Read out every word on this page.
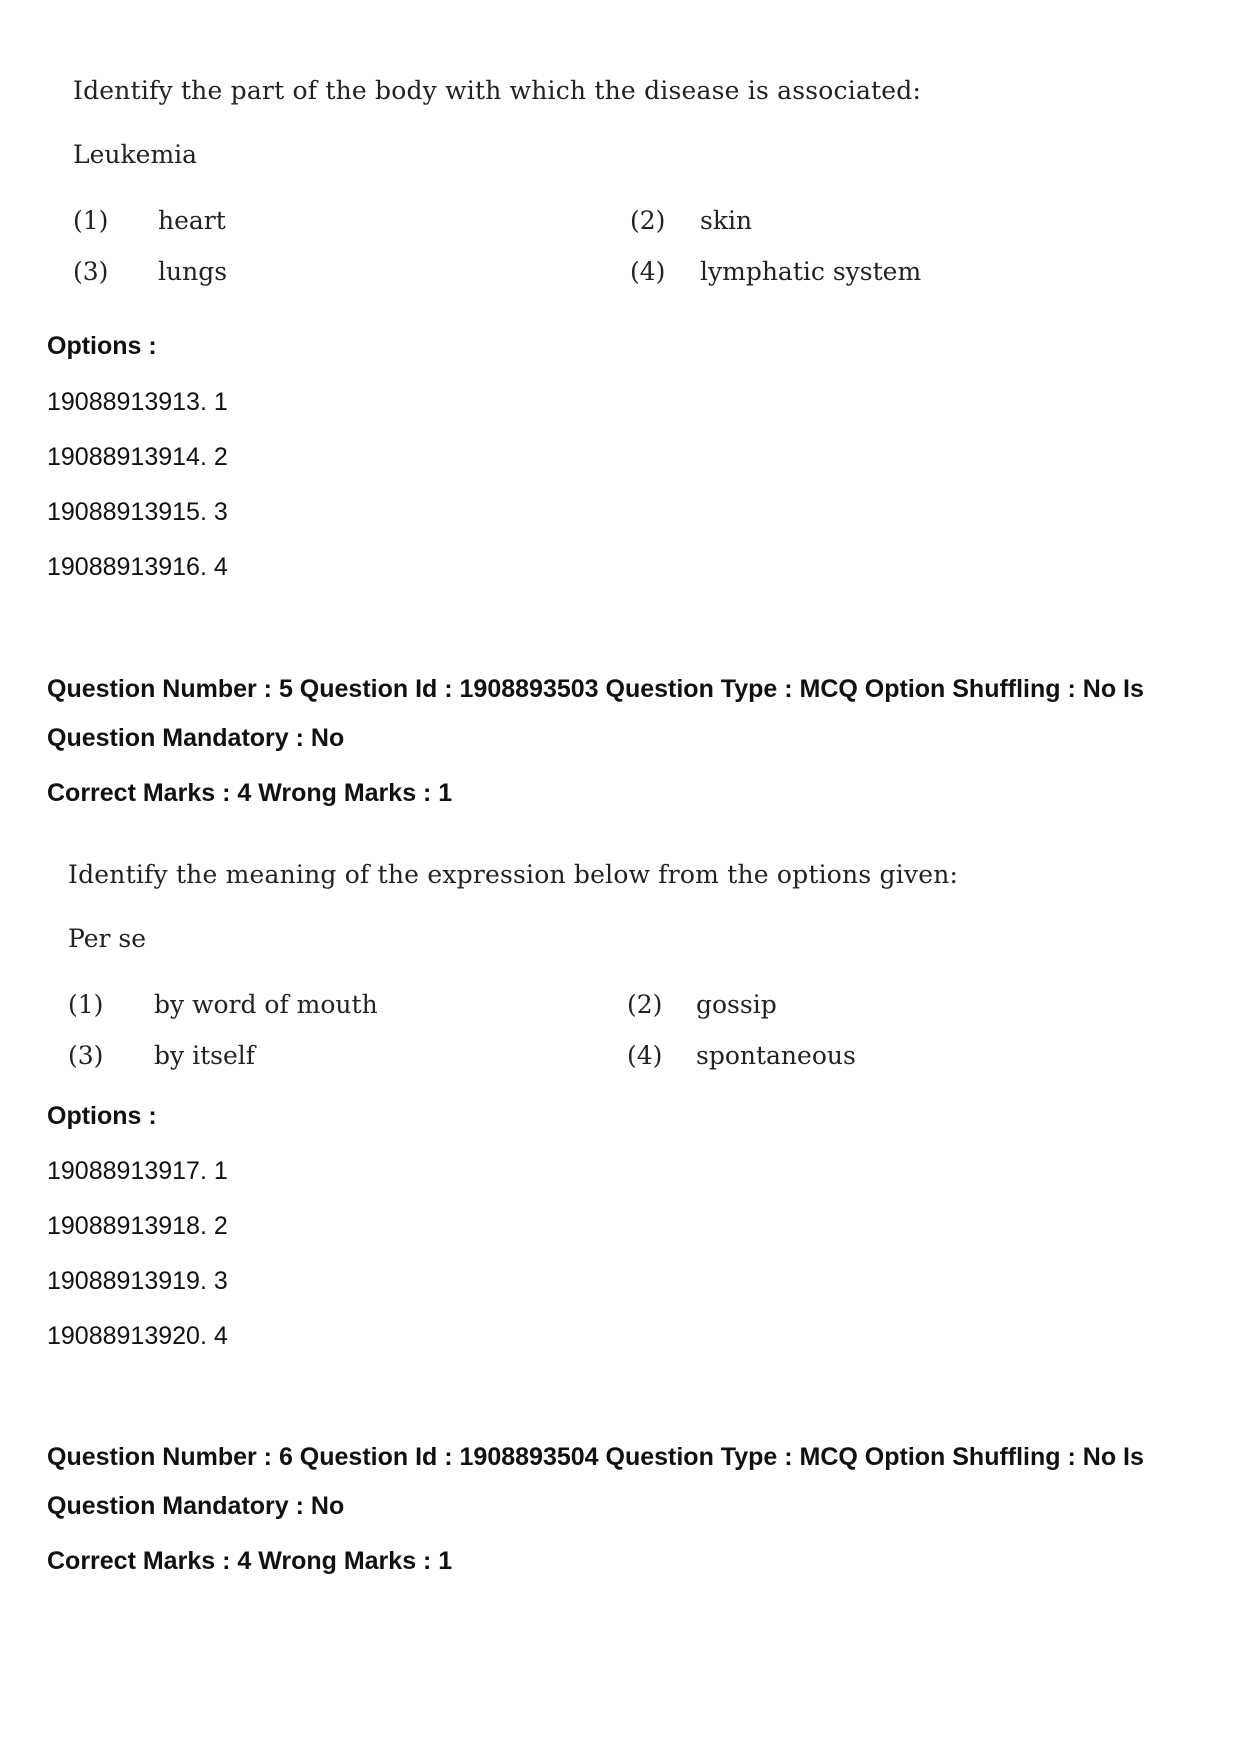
Identify the part of the body with which the disease is associated:
Leukemia
(1) heart	(2) skin
(3) lungs	(4) lymphatic system
Options :
19088913913. 1
19088913914. 2
19088913915. 3
19088913916. 4
Question Number : 5 Question Id : 1908893503 Question Type : MCQ Option Shuffling : No Is
Question Mandatory : No
Correct Marks : 4 Wrong Marks : 1
Identify the meaning of the expression below from the options given:
Per se
(1) by word of mouth	(2) gossip
(3) by itself	(4) spontaneous
Options :
19088913917. 1
19088913918. 2
19088913919. 3
19088913920. 4
Question Number : 6 Question Id : 1908893504 Question Type : MCQ Option Shuffling : No Is
Question Mandatory : No
Correct Marks : 4 Wrong Marks : 1
